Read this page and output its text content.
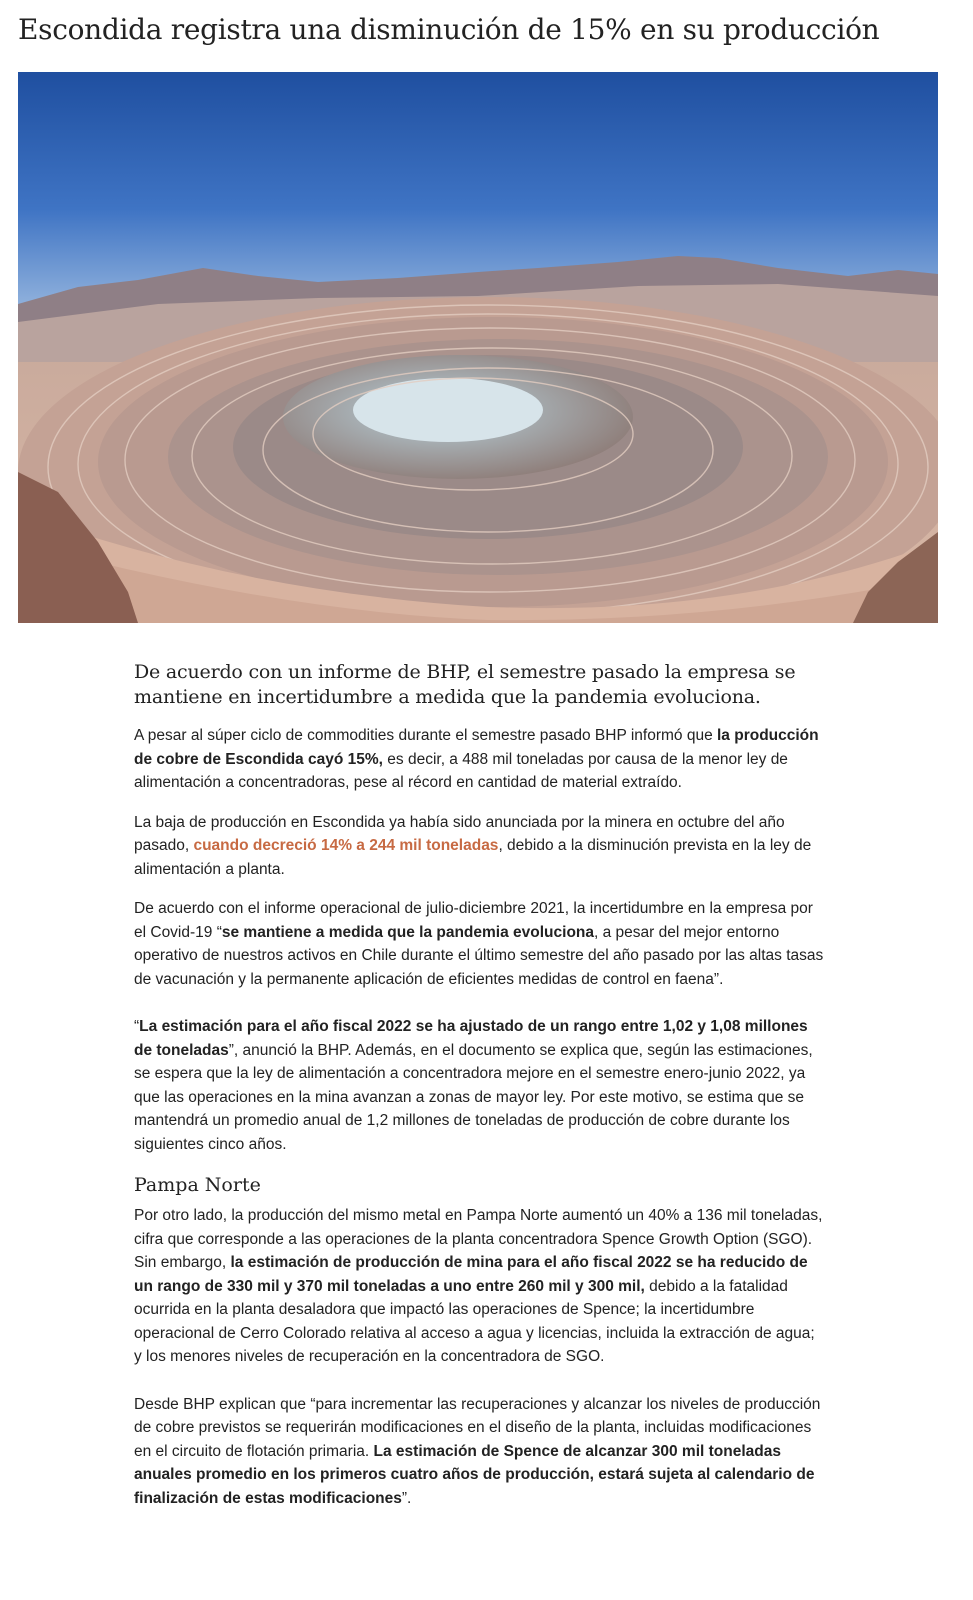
Escondida registra una disminución de 15% en su producción

De acuerdo con un informe de BHP, el semestre pasado la empresa se mantiene en incertidumbre a medida que la pandemia evoluciona.

A pesar al súper ciclo de commodities durante el semestre pasado BHP informó que la producción de cobre de Escondida cayó 15%, es decir, a 488 mil toneladas por causa de la menor ley de alimentación a concentradoras, pese al récord en cantidad de material extraído.

La baja de producción en Escondida ya había sido anunciada por la minera en octubre del año pasado, cuando decreció 14% a 244 mil toneladas, debido a la disminución prevista en la ley de alimentación a planta.

De acuerdo con el informe operacional de julio-diciembre 2021, la incertidumbre en la empresa por el Covid-19 “se mantiene a medida que la pandemia evoluciona, a pesar del mejor entorno operativo de nuestros activos en Chile durante el último semestre del año pasado por las altas tasas de vacunación y la permanente aplicación de eficientes medidas de control en faena”.

“La estimación para el año fiscal 2022 se ha ajustado de un rango entre 1,02 y 1,08 millones de toneladas”, anunció la BHP. Además, en el documento se explica que, según las estimaciones, se espera que la ley de alimentación a concentradora mejore en el semestre enero-junio 2022, ya que las operaciones en la mina avanzan a zonas de mayor ley. Por este motivo, se estima que se mantendrá un promedio anual de 1,2 millones de toneladas de producción de cobre durante los siguientes cinco años.

Pampa Norte

Por otro lado, la producción del mismo metal en Pampa Norte aumentó un 40% a 136 mil toneladas, cifra que corresponde a las operaciones de la planta concentradora Spence Growth Option (SGO). Sin embargo, la estimación de producción de mina para el año fiscal 2022 se ha reducido de un rango de 330 mil y 370 mil toneladas a uno entre 260 mil y 300 mil, debido a la fatalidad ocurrida en la planta desaladora que impactó las operaciones de Spence; la incertidumbre operacional de Cerro Colorado relativa al acceso a agua y licencias, incluida la extracción de agua; y los menores niveles de recuperación en la concentradora de SGO.

Desde BHP explican que “para incrementar las recuperaciones y alcanzar los niveles de producción de cobre previstos se requerirán modificaciones en el diseño de la planta, incluidas modificaciones en el circuito de flotación primaria. La estimación de Spence de alcanzar 300 mil toneladas anuales promedio en los primeros cuatro años de producción, estará sujeta al calendario de finalización de estas modificaciones”.
